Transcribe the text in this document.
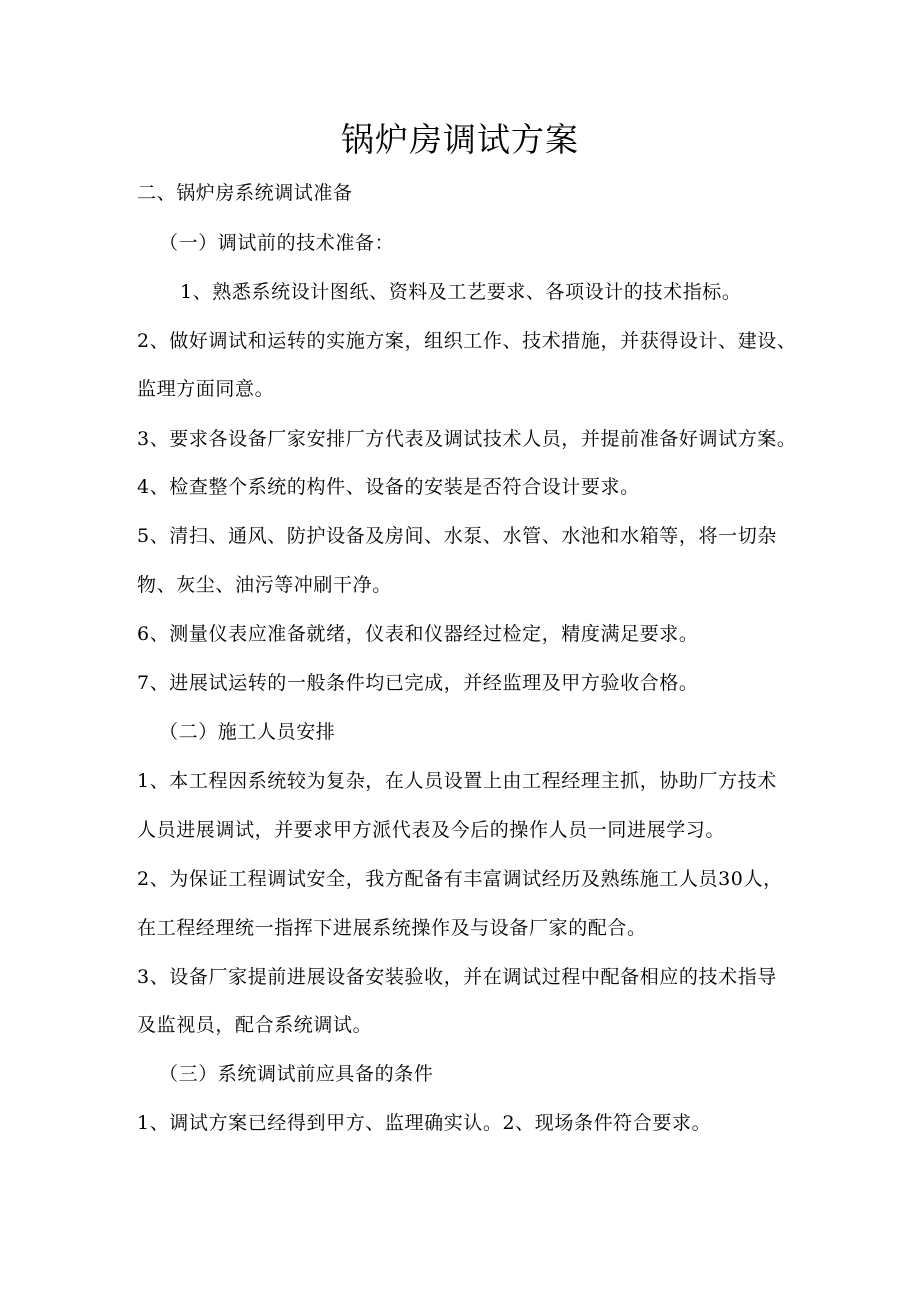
锅炉房调试方案
二、锅炉房系统调试准备
（一）调试前的技术准备：
1、熟悉系统设计图纸、资料及工艺要求、各项设计的技术指标。
2、做好调试和运转的实施方案，组织工作、技术措施，并获得设计、建设、
监理方面同意。
3、要求各设备厂家安排厂方代表及调试技术人员，并提前准备好调试方案。
4、检查整个系统的构件、设备的安装是否符合设计要求。
5、清扫、通风、防护设备及房间、水泵、水管、水池和水箱等，将一切杂
物、灰尘、油污等冲刷干净。
6、测量仪表应准备就绪，仪表和仪器经过检定，精度满足要求。
7、进展试运转的一般条件均已完成，并经监理及甲方验收合格。
（二）施工人员安排
1、本工程因系统较为复杂，在人员设置上由工程经理主抓，协助厂方技术
人员进展调试，并要求甲方派代表及今后的操作人员一同进展学习。
2、为保证工程调试安全，我方配备有丰富调试经历及熟练施工人员30人，
在工程经理统一指挥下进展系统操作及与设备厂家的配合。
3、设备厂家提前进展设备安装验收，并在调试过程中配备相应的技术指导
及监视员，配合系统调试。
（三）系统调试前应具备的条件
1、调试方案已经得到甲方、监理确实认。2、现场条件符合要求。
